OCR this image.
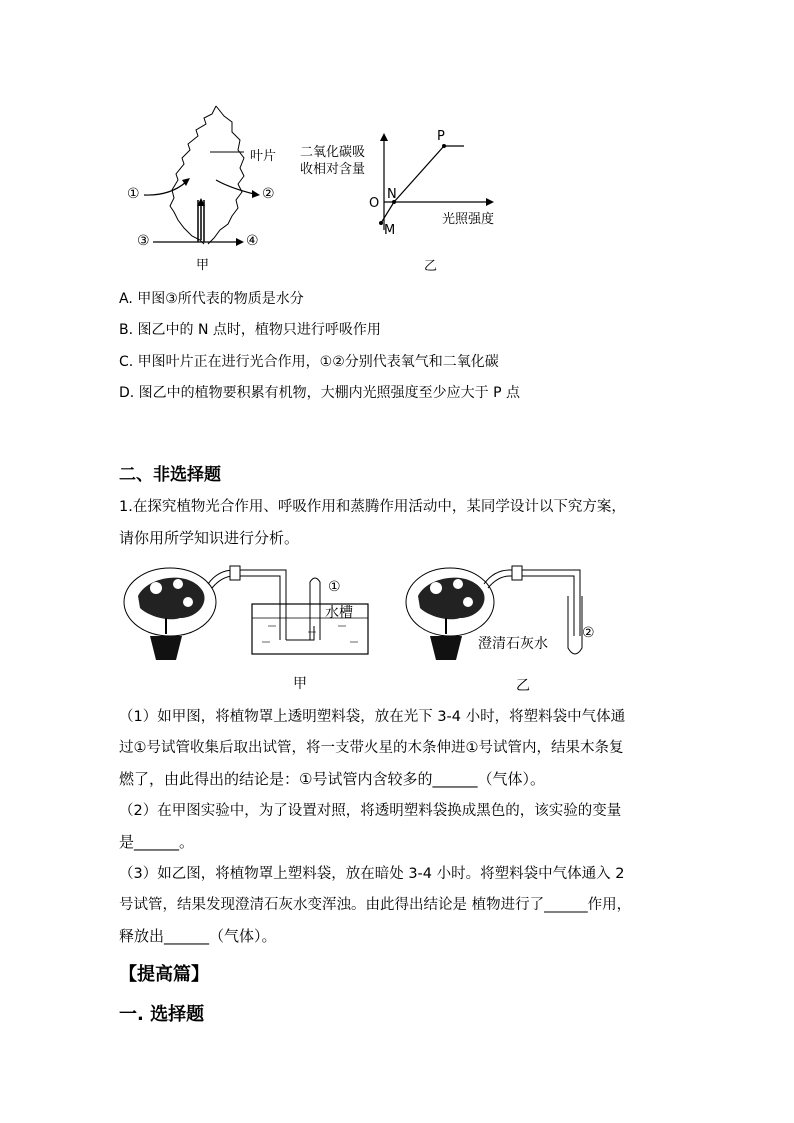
叶片
①	②
③	④
甲
二氧化碳吸
收相对含量
光照强度
P
N
O
M
乙
A. 甲图③所代表的物质是水分
B. 图乙中的 N 点时，植物只进行呼吸作用
C. 甲图叶片正在进行光合作用，①②分别代表氧气和二氧化碳
D. 图乙中的植物要积累有机物，大棚内光照强度至少应大于 P 点
二、非选择题
1.在探究植物光合作用、呼吸作用和蒸腾作用活动中，某同学设计以下究方案，
请你用所学知识进行分析。
水槽
①
澄清石灰水
②
甲	乙
（1）如甲图，将植物罩上透明塑料袋，放在光下 3-4 小时，将塑料袋中气体通
过①号试管收集后取出试管，将一支带火星的木条伸进①号试管内，结果木条复
燃了，由此得出的结论是：①号试管内含较多的______（气体）。
（2）在甲图实验中，为了设置对照，将透明塑料袋换成黑色的，该实验的变量
是______。
（3）如乙图，将植物罩上塑料袋，放在暗处 3-4 小时。将塑料袋中气体通入 2
号试管，结果发现澄清石灰水变浑浊。由此得出结论是 植物进行了______作用，
释放出______（气体）。
【提高篇】
一. 选择题
